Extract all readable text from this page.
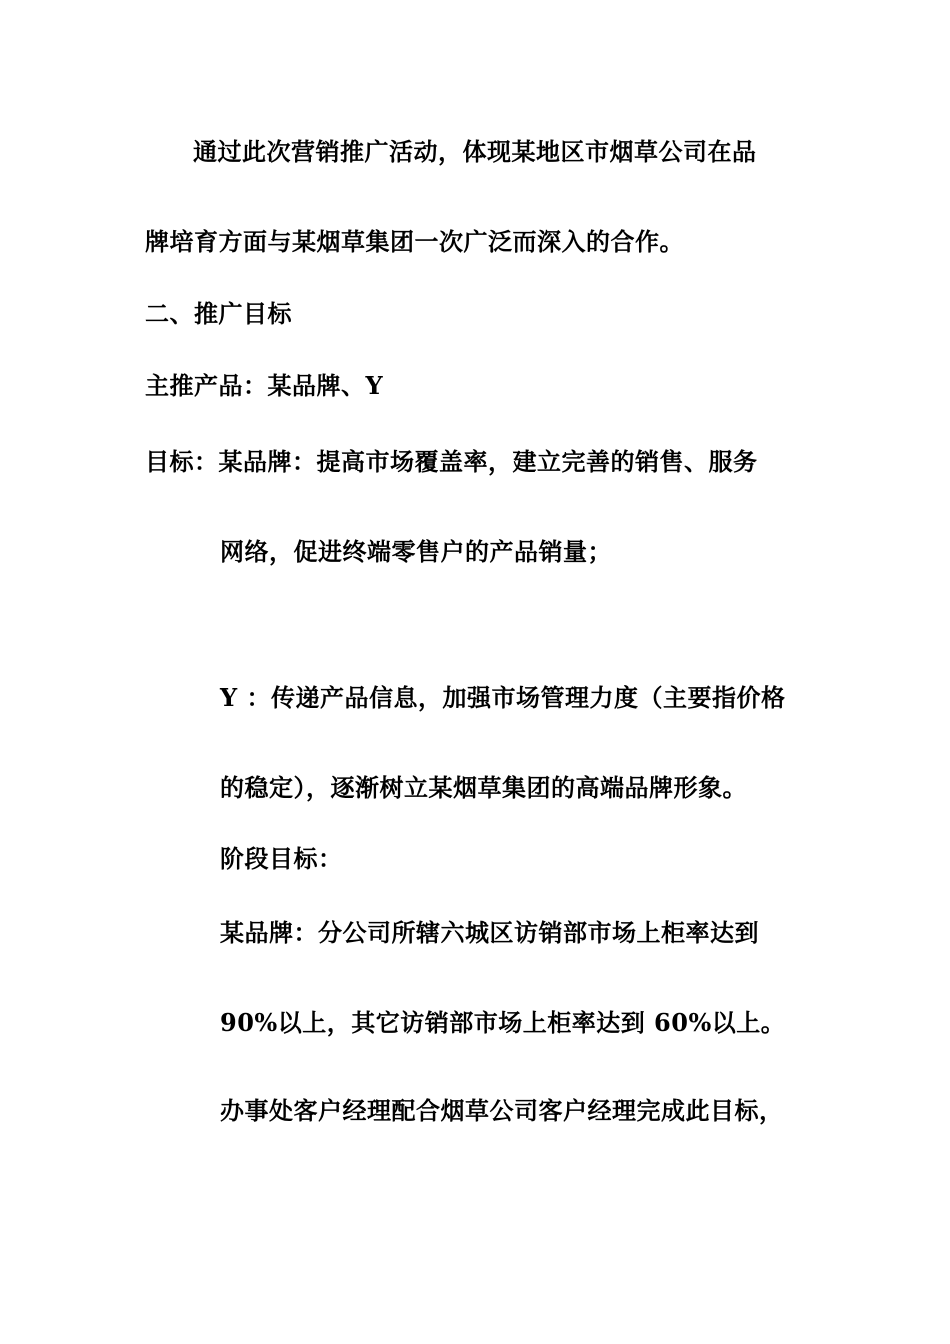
通过此次营销推广活动，体现某地区市烟草公司在品
牌培育方面与某烟草集团一次广泛而深入的合作。
二、推广目标
主推产品：某品牌、Y
目标：某品牌：提高市场覆盖率，建立完善的销售、服务
网络，促进终端零售户的产品销量；
Y ：传递产品信息，加强市场管理力度（主要指价格
的稳定），逐渐树立某烟草集团的高端品牌形象。
阶段目标：
某品牌：分公司所辖六城区访销部市场上柜率达到
90%以上，其它访销部市场上柜率达到 60%以上。
办事处客户经理配合烟草公司客户经理完成此目标，
